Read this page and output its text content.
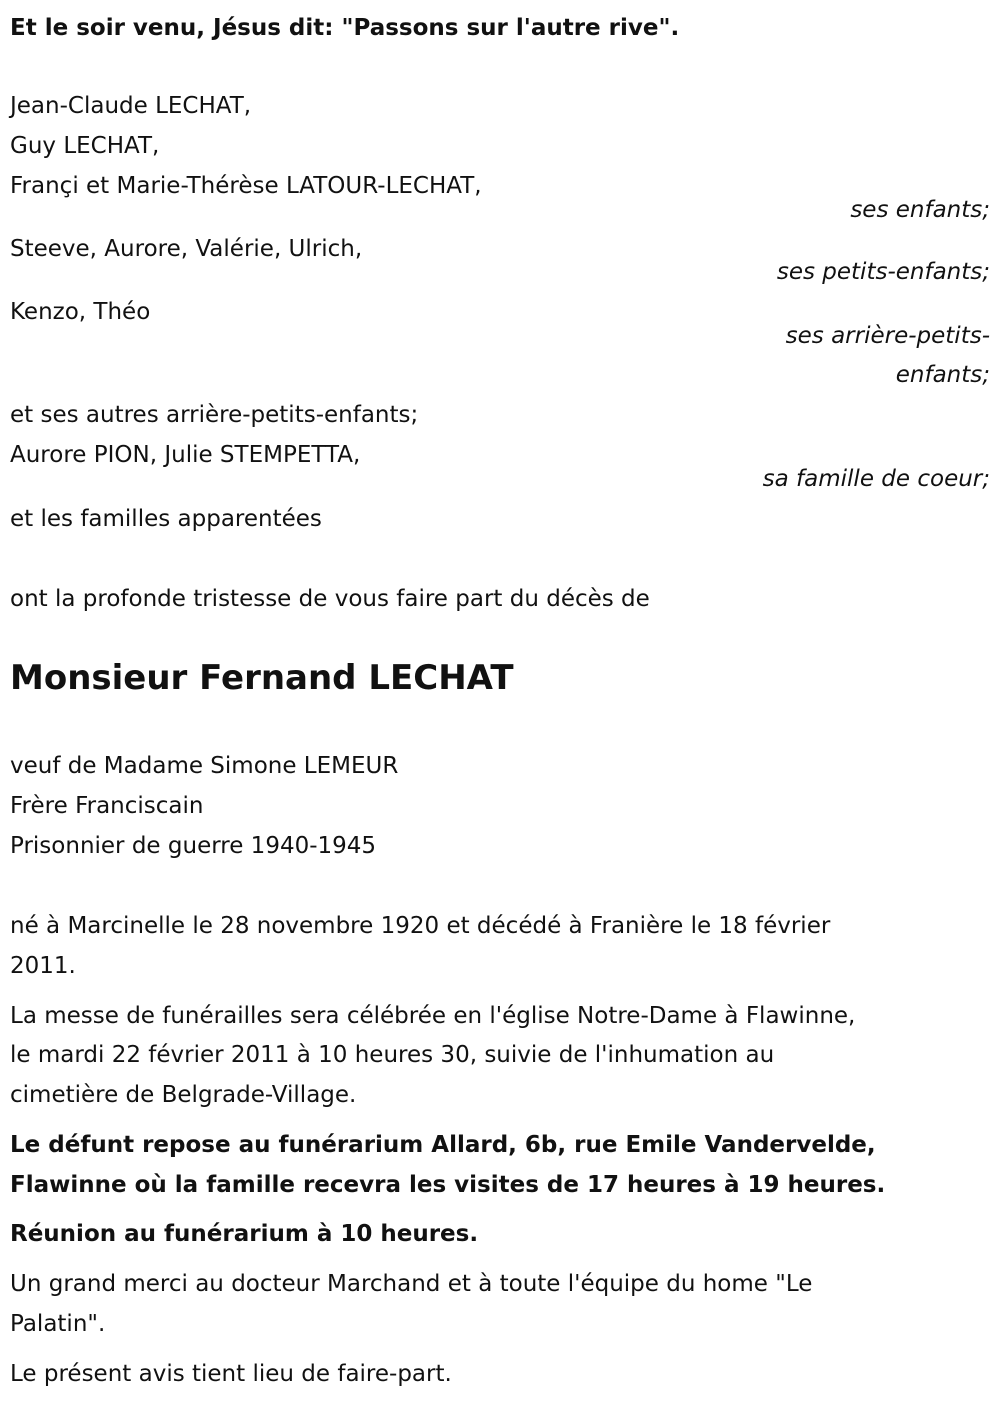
Et le soir venu, Jésus dit: "Passons sur l'autre rive".
Jean-Claude LECHAT,
Guy LECHAT,
Françi et Marie-Thérèse LATOUR-LECHAT,
ses enfants;
Steeve, Aurore, Valérie, Ulrich,
ses petits-enfants;
Kenzo, Théo
ses arrière-petits-
enfants;
et ses autres arrière-petits-enfants;
Aurore PION, Julie STEMPETTA,
sa famille de coeur;
et les familles apparentées
ont la profonde tristesse de vous faire part du décès de
Monsieur Fernand LECHAT
veuf de Madame Simone LEMEUR
Frère Franciscain
Prisonnier de guerre 1940-1945
né à Marcinelle le 28 novembre 1920 et décédé à Franière le 18 février
2011.
La messe de funérailles sera célébrée en l'église Notre-Dame à Flawinne,
le mardi 22 février 2011 à 10 heures 30, suivie de l'inhumation au
cimetière de Belgrade-Village.
Le défunt repose au funérarium Allard, 6b, rue Emile Vandervelde,
Flawinne où la famille recevra les visites de 17 heures à 19 heures.
Réunion au funérarium à 10 heures.
Un grand merci au docteur Marchand et à toute l'équipe du home "Le
Palatin".
Le présent avis tient lieu de faire-part.
